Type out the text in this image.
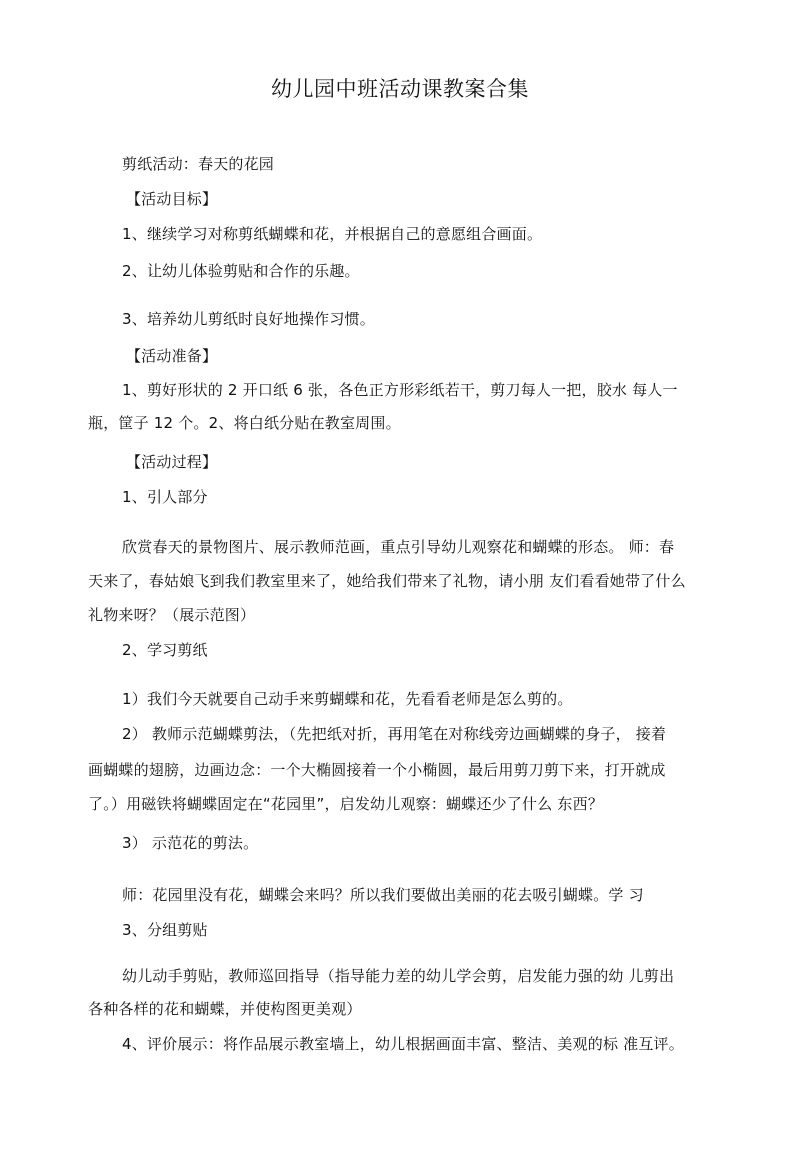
幼儿园中班活动课教案合集
剪纸活动：春天的花园
【活动目标】
1、继续学习对称剪纸蝴蝶和花，并根据自己的意愿组合画面。
2、让幼儿体验剪贴和合作的乐趣。
3、培养幼儿剪纸时良好地操作习惯。
【活动准备】
1、剪好形状的 2 开口纸 6 张，各色正方形彩纸若干，剪刀每人一把，胶水 每人一
瓶，筐子 12 个。2、将白纸分贴在教室周围。
【活动过程】
1、引人部分
欣赏春天的景物图片、展示教师范画，重点引导幼儿观察花和蝴蝶的形态。 师：春
天来了，春姑娘飞到我们教室里来了，她给我们带来了礼物，请小朋 友们看看她带了什么
礼物来呀？（展示范图）
2、学习剪纸
1）我们今天就要自己动手来剪蝴蝶和花，先看看老师是怎么剪的。
2） 教师示范蝴蝶剪法，（先把纸对折，再用笔在对称线旁边画蝴蝶的身子， 接着
画蝴蝶的翅膀，边画边念：一个大椭圆接着一个小椭圆，最后用剪刀剪下来，打开就成
了。）用磁铁将蝴蝶固定在“花园里”，启发幼儿观察：蝴蝶还少了什么 东西？
3） 示范花的剪法。
师：花园里没有花，蝴蝶会来吗？所以我们要做出美丽的花去吸引蝴蝶。学 习
3、分组剪贴
幼儿动手剪贴，教师巡回指导（指导能力差的幼儿学会剪，启发能力强的幼 儿剪出
各种各样的花和蝴蝶，并使构图更美观）
4、评价展示：将作品展示教室墙上，幼儿根据画面丰富、整洁、美观的标 准互评。
